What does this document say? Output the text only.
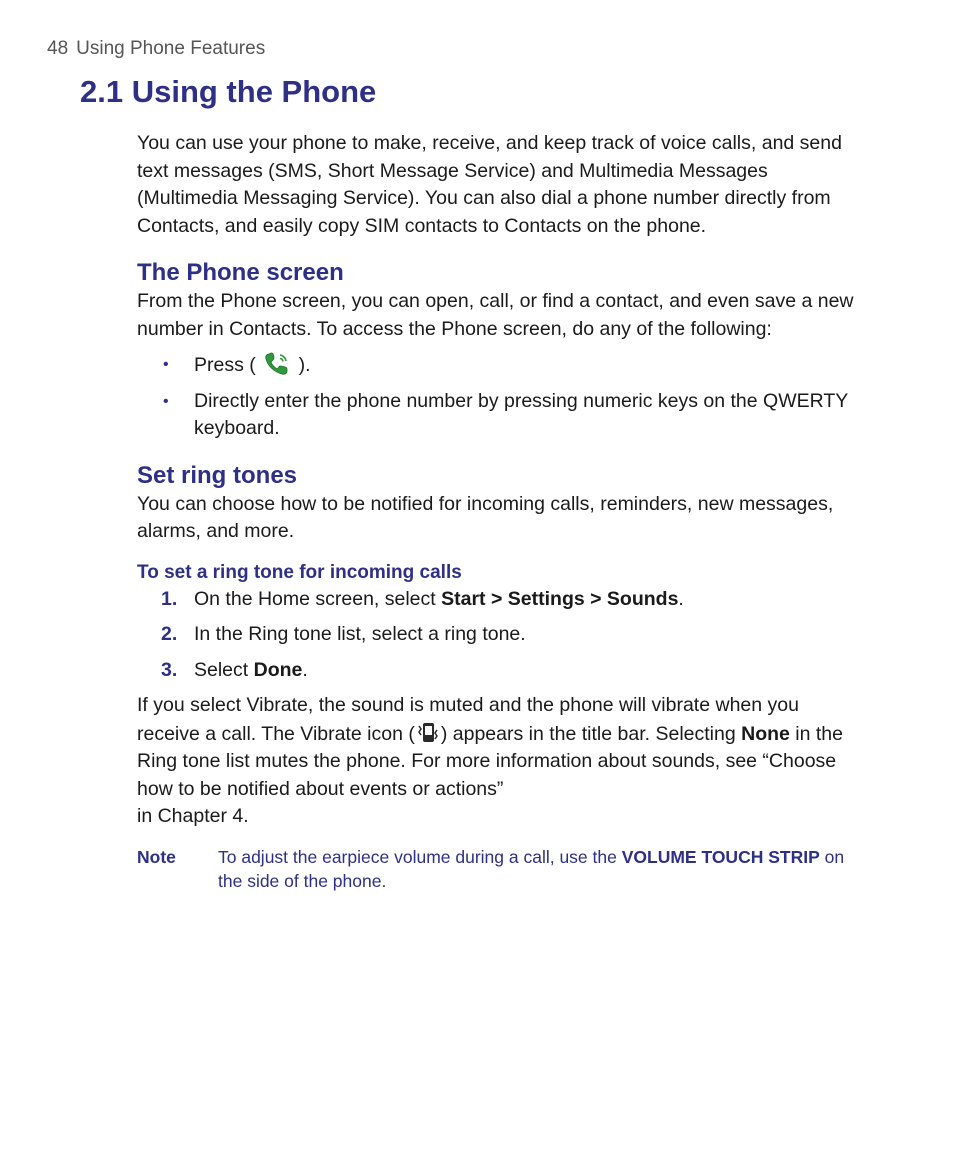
48 Using Phone Features
2.1 Using the Phone

You can use your phone to make, receive, and keep track of voice calls, and send text messages (SMS, Short Message Service) and Multimedia Messages (Multimedia Messaging Service). You can also dial a phone number directly from Contacts, and easily copy SIM contacts to Contacts on the phone.

The Phone screen

From the Phone screen, you can open, call, or find a contact, and even save a new number in Contacts. To access the Phone screen, do any of the following:

• Press ( ).
• Directly enter the phone number by pressing numeric keys on the QWERTY keyboard.
Set ring tones

You can choose how to be notified for incoming calls, reminders, new messages, alarms, and more.

To set a ring tone for incoming calls
1. On the Home screen, select Start > Settings > Sounds.
2. In the Ring tone list, select a ring tone.
3. Select Done.

If you select Vibrate, the sound is muted and the phone will vibrate when you receive a call. The Vibrate icon ( ) appears in the title bar. Selecting None in the Ring tone list mutes the phone. For more information about sounds, see “Choose how to be notified about events or actions”
in Chapter 4.

Note	To adjust the earpiece volume during a call, use the VOLUME TOUCH STRIP on the side of the phone.
